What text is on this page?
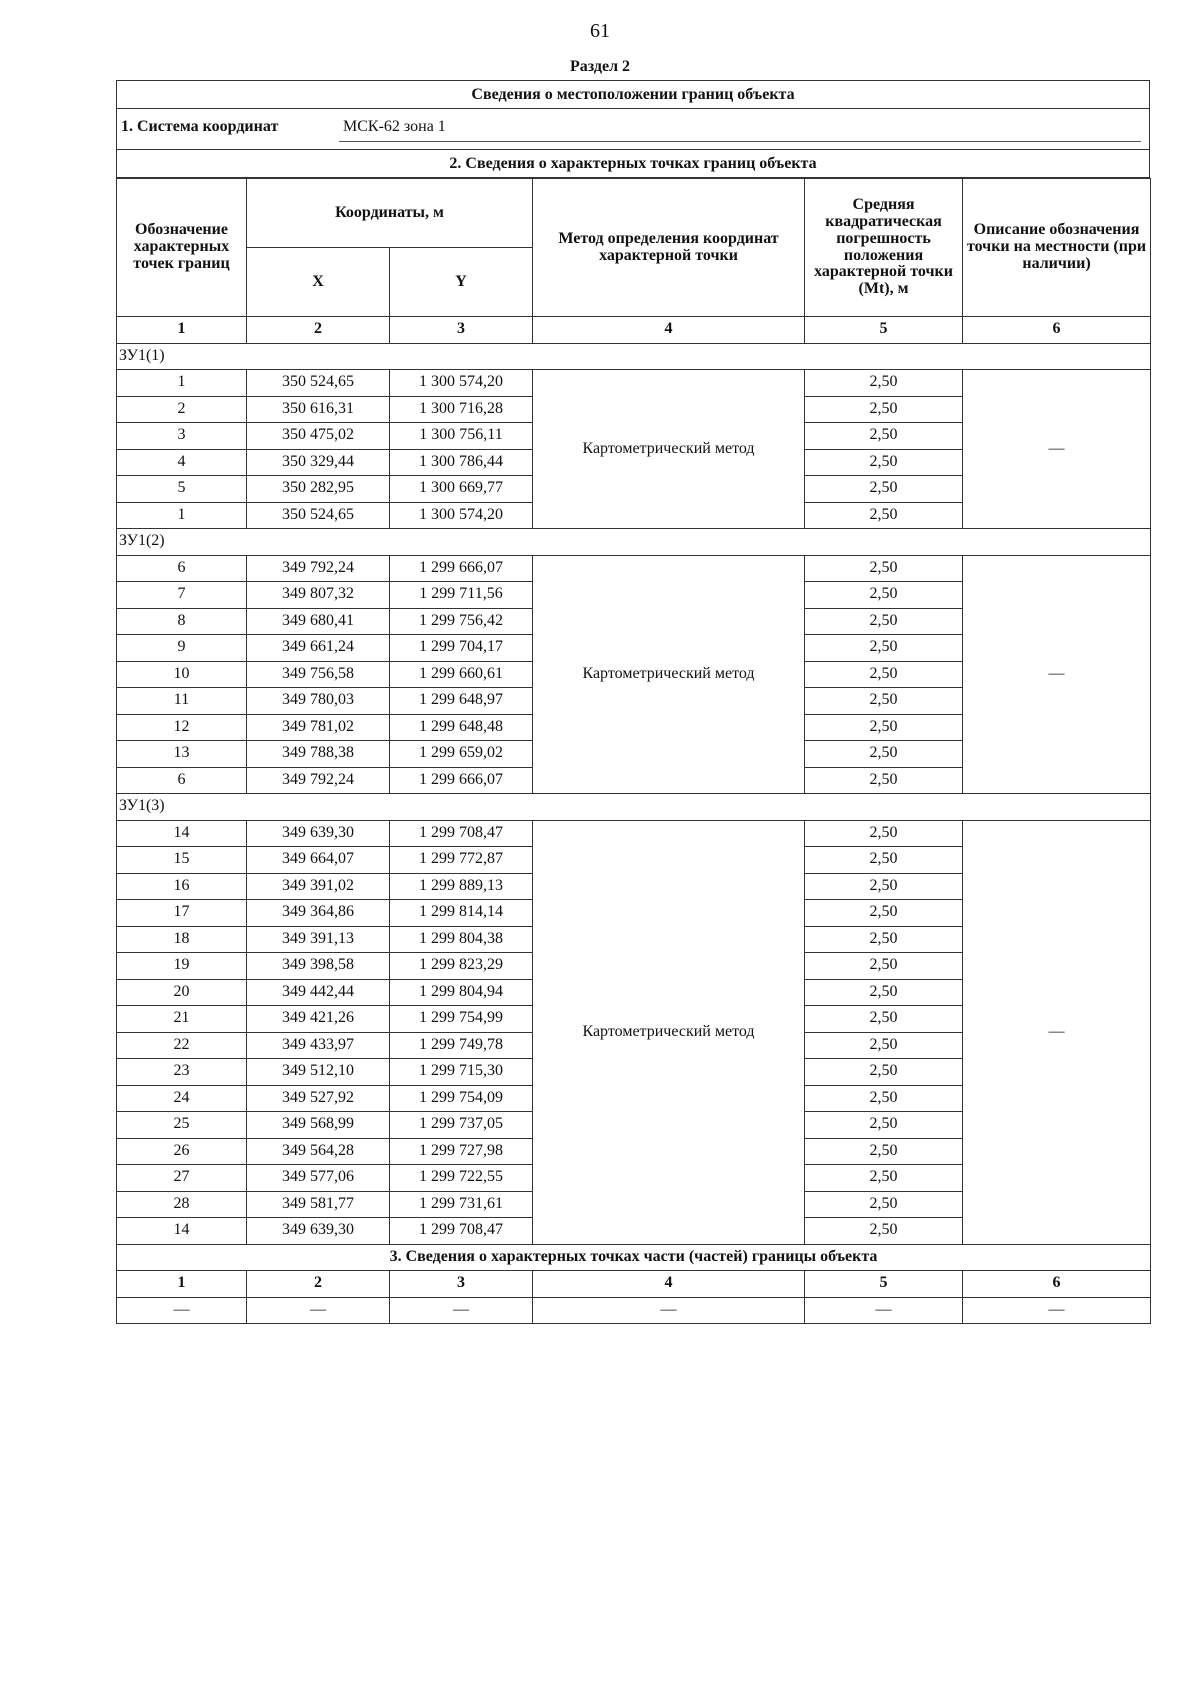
61
Раздел 2
Сведения о местоположении границ объекта
1. Система координат	МСК-62 зона 1
2. Сведения о характерных точках границ объекта
Обозначение характерных точек границ	Координаты, м		Метод определения координат характерной точки	Средняя квадратическая погрешность положения характерной точки (Mt), м	Описание обозначения точки на местности (при наличии)
	X	Y			
1	2	3	4	5	6
ЗУ1(1)					
1	350 524,65	1 300 574,20	Картометрический метод	2,50	—
2	350 616,31	1 300 716,28		2,50	
3	350 475,02	1 300 756,11		2,50	
4	350 329,44	1 300 786,44		2,50	
5	350 282,95	1 300 669,77		2,50	
1	350 524,65	1 300 574,20		2,50	
ЗУ1(2)					
6	349 792,24	1 299 666,07	Картометрический метод	2,50	—
7	349 807,32	1 299 711,56		2,50	
8	349 680,41	1 299 756,42		2,50	
9	349 661,24	1 299 704,17		2,50	
10	349 756,58	1 299 660,61		2,50	
11	349 780,03	1 299 648,97		2,50	
12	349 781,02	1 299 648,48		2,50	
13	349 788,38	1 299 659,02		2,50	
6	349 792,24	1 299 666,07		2,50	
ЗУ1(3)					
14	349 639,30	1 299 708,47	Картометрический метод	2,50	—
15	349 664,07	1 299 772,87		2,50	
16	349 391,02	1 299 889,13		2,50	
17	349 364,86	1 299 814,14		2,50	
18	349 391,13	1 299 804,38		2,50	
19	349 398,58	1 299 823,29		2,50	
20	349 442,44	1 299 804,94		2,50	
21	349 421,26	1 299 754,99		2,50	
22	349 433,97	1 299 749,78		2,50	
23	349 512,10	1 299 715,30		2,50	
24	349 527,92	1 299 754,09		2,50	
25	349 568,99	1 299 737,05		2,50	
26	349 564,28	1 299 727,98		2,50	
27	349 577,06	1 299 722,55		2,50	
28	349 581,77	1 299 731,61		2,50	
14	349 639,30	1 299 708,47		2,50	
3. Сведения о характерных точках части (частей) границы объекта					
1	2	3	4	5	6
—	—	—	—	—	—
